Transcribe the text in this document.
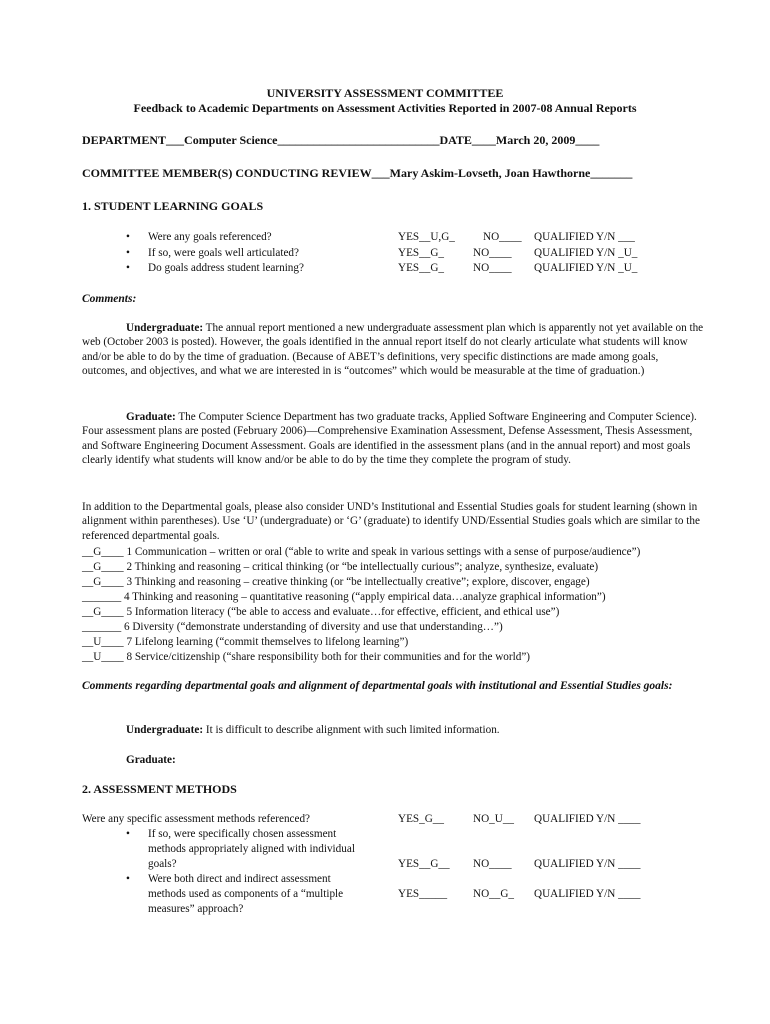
UNIVERSITY ASSESSMENT COMMITTEE
Feedback to Academic Departments on Assessment Activities Reported in 2007-08 Annual Reports
DEPARTMENT___Computer Science___________________________DATE____March 20, 2009____
COMMITTEE MEMBER(S) CONDUCTING REVIEW___Mary Askim-Lovseth, Joan Hawthorne_______
1. STUDENT LEARNING GOALS
• Were any goals referenced?	YES__U,G_	NO____ QUALIFIED Y/N ___
• If so, were goals well articulated?	YES__G_	NO____ QUALIFIED Y/N _U_
• Do goals address student learning?	YES__G_	NO____ QUALIFIED Y/N _U_
Comments:
Undergraduate: The annual report mentioned a new undergraduate assessment plan which is apparently not yet available on the web (October 2003 is posted). However, the goals identified in the annual report itself do not clearly articulate what students will know and/or be able to do by the time of graduation. (Because of ABET’s definitions, very specific distinctions are made among goals, outcomes, and objectives, and what we are interested in is “outcomes” which would be measurable at the time of graduation.)
Graduate: The Computer Science Department has two graduate tracks, Applied Software Engineering and Computer Science). Four assessment plans are posted (February 2006)—Comprehensive Examination Assessment, Defense Assessment, Thesis Assessment, and Software Engineering Document Assessment. Goals are identified in the assessment plans (and in the annual report) and most goals clearly identify what students will know and/or be able to do by the time they complete the program of study.
In addition to the Departmental goals, please also consider UND’s Institutional and Essential Studies goals for student learning (shown in alignment within parentheses). Use ‘U’ (undergraduate) or ‘G’ (graduate) to identify UND/Essential Studies goals which are similar to the referenced departmental goals.
__G____ 1 Communication – written or oral (“able to write and speak in various settings with a sense of purpose/audience”)
__G____ 2 Thinking and reasoning – critical thinking (or “be intellectually curious”; analyze, synthesize, evaluate)
__G____ 3 Thinking and reasoning – creative thinking (or “be intellectually creative”; explore, discover, engage)
_______ 4 Thinking and reasoning – quantitative reasoning (“apply empirical data…analyze graphical information”)
__G____ 5 Information literacy (“be able to access and evaluate…for effective, efficient, and ethical use”)
_______ 6 Diversity (“demonstrate understanding of diversity and use that understanding…”)
__U____ 7 Lifelong learning (“commit themselves to lifelong learning”)
__U____ 8 Service/citizenship (“share responsibility both for their communities and for the world”)
Comments regarding departmental goals and alignment of departmental goals with institutional and Essential Studies goals:
Undergraduate: It is difficult to describe alignment with such limited information.
Graduate:
2. ASSESSMENT METHODS
Were any specific assessment methods referenced?	YES_G__	NO_U__ QUALIFIED Y/N ____
• If so, were specifically chosen assessment
methods appropriately aligned with individual
goals?	YES__G__ NO____ QUALIFIED Y/N ____
• Were both direct and indirect assessment
methods used as components of a “multiple
measures” approach?
YES_____ NO__G_ QUALIFIED Y/N ____
